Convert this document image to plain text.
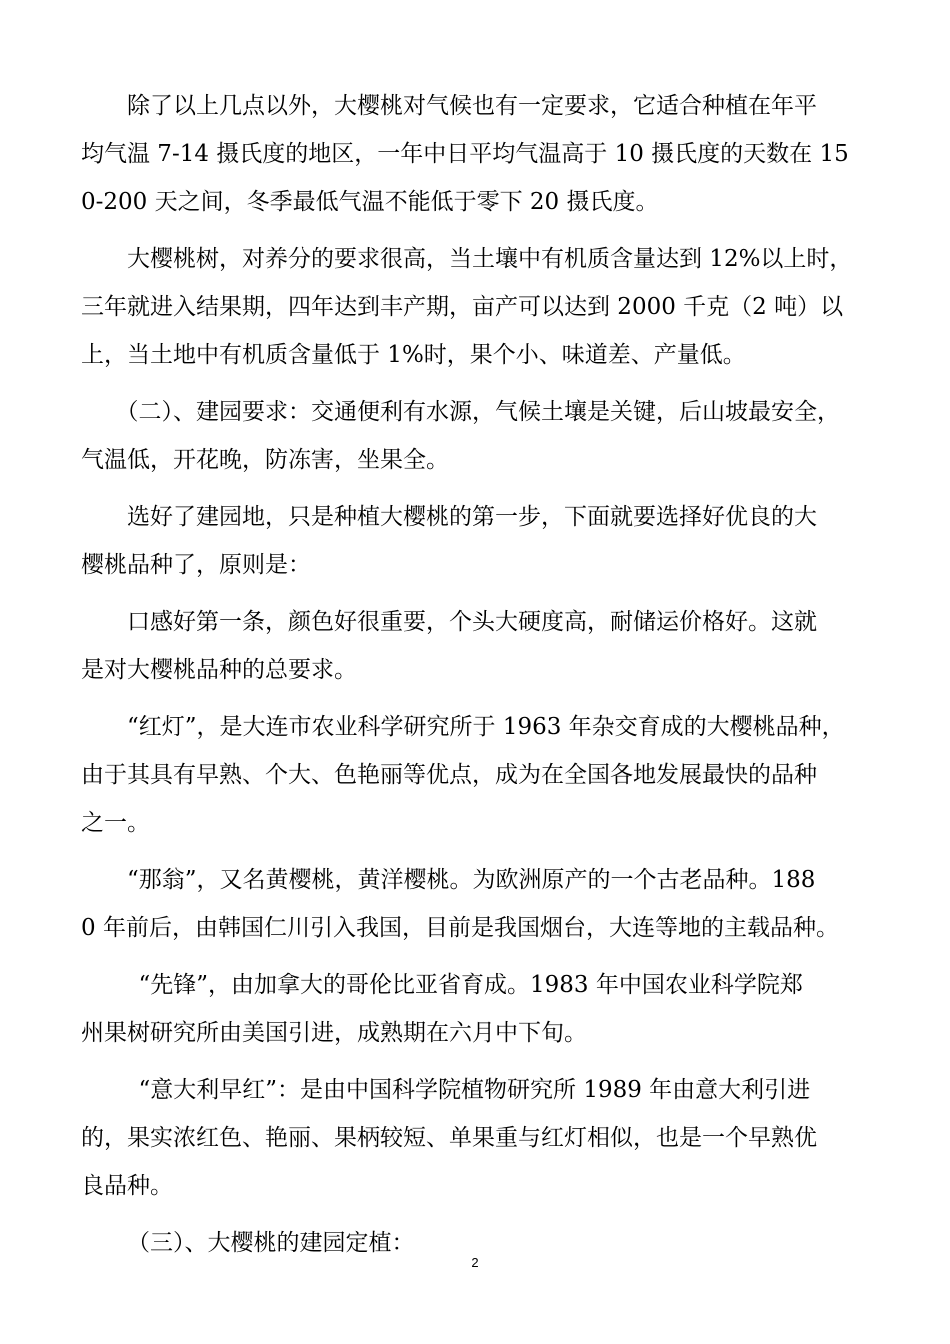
除了以上几点以外，大樱桃对气候也有一定要求，它适合种植在年平
均气温 7-14 摄氏度的地区，一年中日平均气温高于 10 摄氏度的天数在 15
0-200 天之间，冬季最低气温不能低于零下 20 摄氏度。
大樱桃树，对养分的要求很高，当土壤中有机质含量达到 12%以上时，
三年就进入结果期，四年达到丰产期，亩产可以达到 2000 千克（2 吨）以
上，当土地中有机质含量低于 1%时，果个小、味道差、产量低。
（二）、建园要求：交通便利有水源，气候土壤是关键，后山坡最安全，
气温低，开花晚，防冻害，坐果全。
选好了建园地，只是种植大樱桃的第一步，下面就要选择好优良的大
樱桃品种了，原则是：
口感好第一条，颜色好很重要，个头大硬度高，耐储运价格好。这就
是对大樱桃品种的总要求。
“红灯”，是大连市农业科学研究所于 1963 年杂交育成的大樱桃品种，
由于其具有早熟、个大、色艳丽等优点，成为在全国各地发展最快的品种
之一。
“那翁”，又名黄樱桃，黄洋樱桃。为欧洲原产的一个古老品种。188
0 年前后，由韩国仁川引入我国，目前是我国烟台，大连等地的主载品种。
“先锋”，由加拿大的哥伦比亚省育成。1983 年中国农业科学院郑
州果树研究所由美国引进，成熟期在六月中下旬。
“意大利早红”：是由中国科学院植物研究所 1989 年由意大利引进
的，果实浓红色、艳丽、果柄较短、单果重与红灯相似，也是一个早熟优
良品种。
（三）、大樱桃的建园定植：
2
